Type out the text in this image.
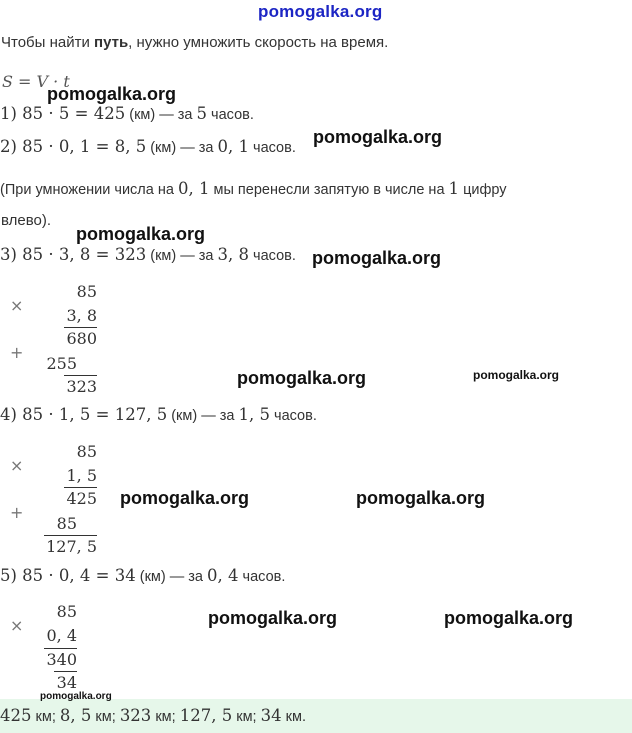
pomogalka.org
Чтобы найти путь, нужно умножить скорость на время.
S = V · t
1) 85 · 5 = 425 (км) — за 5 часов.
2) 85 · 0, 1 = 8, 5 (км) — за 0, 1 часов.
(При умножении числа на 0, 1 мы перенесли запятую в числе на 1 цифру
влево).
3) 85 · 3, 8 = 323 (км) — за 3, 8 часов.
×
85
3, 8
680
+
255
323
4) 85 · 1, 5 = 127, 5 (км) — за 1, 5 часов.
×
85
1, 5
425
+
85
127, 5
5) 85 · 0, 4 = 34 (км) — за 0, 4 часов.
×
85
0, 4
340
34
425 км; 8, 5 км; 323 км; 127, 5 км; 34 км.
pomogalka.org
pomogalka.org
pomogalka.org
pomogalka.org
pomogalka.org	pomogalka.org
pomogalka.org	pomogalka.org
pomogalka.org	pomogalka.org
pomogalka.org
